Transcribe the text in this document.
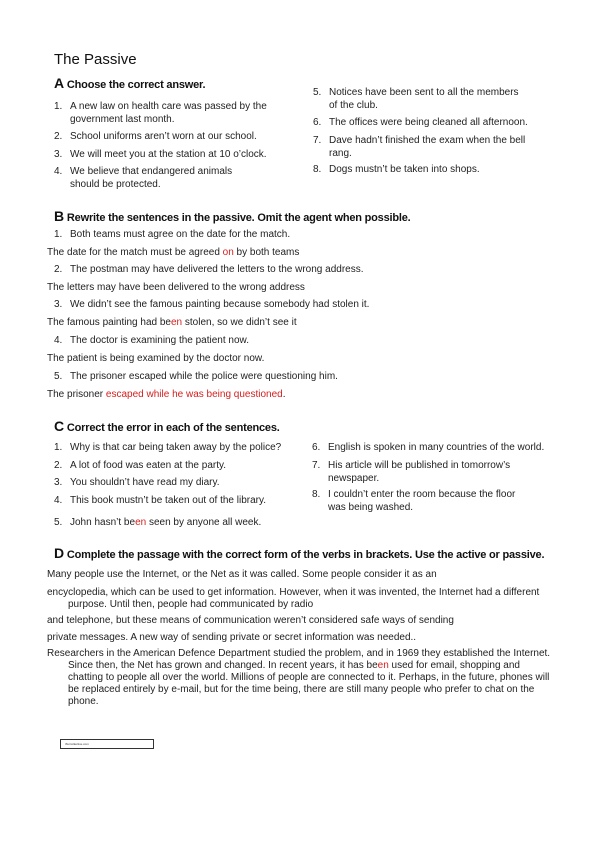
The Passive
A Choose the correct answer.
1. A new law on health care was passed by the
government last month.
2. School uniforms aren’t worn at our school.
3. We will meet you at the station at 10 o’clock.
4. We believe that endangered animals
should be protected.
5. Notices have been sent to all the members
of the club.
6. The offices were being cleaned all afternoon.
7. Dave hadn’t finished the exam when the bell
rang.
8. Dogs mustn’t be taken into shops.
B Rewrite the sentences in the passive. Omit the agent when possible.
1. Both teams must agree on the date for the match.
The date for the match must be agreed on by both teams
2. The postman may have delivered the letters to the wrong address.
The letters may have been delivered to the wrong address
3. We didn’t see the famous painting because somebody had stolen it.
The famous painting had been stolen, so we didn’t see it
4. The doctor is examining the patient now.
The patient is being examined by the doctor now.
5. The prisoner escaped while the police were questioning him.
The prisoner escaped while he was being questioned.
C Correct the error in each of the sentences.
1. Why is that car being taken away by the police?
2. A lot of food was eaten at the party.
3. You shouldn’t have read my diary.
4. This book mustn’t be taken out of the library.
5. John hasn’t been seen by anyone all week.
6. English is spoken in many countries of the world.
7. His article will be published in tomorrow’s
newspaper.
8. I couldn’t enter the room because the floor
was being washed.
D Complete the passage with the correct form of the verbs in brackets. Use the active or passive.
Many people use the Internet, or the Net as it was called. Some people consider it as an
encyclopedia, which can be used to get information. However, when it was invented, the Internet had a different
purpose. Until then, people had communicated by radio
and telephone, but these means of communication weren’t considered safe ways of sending
private messages. A new way of sending private or secret information was needed..
Researchers in the American Defence Department studied the problem, and in 1969 they established the Internet.
Since then, the Net has grown and changed. In recent years, it has been used for email, shopping and
chatting to people all over the world. Millions of people are connected to it. Perhaps, in the future, phones will
be replaced entirely by e-mail, but for the time being, there are still many people who prefer to chat on the
phone.
iSLCollective.com
